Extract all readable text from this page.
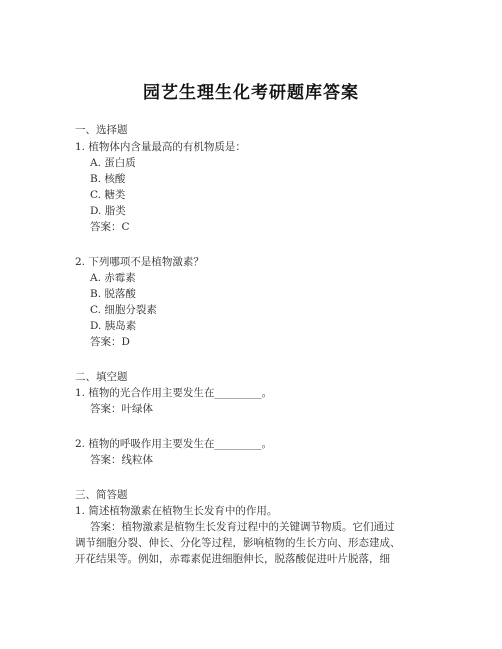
园艺生理生化考研题库答案
一、选择题
1. 植物体内含量最高的有机物质是：
A. 蛋白质
B. 核酸
C. 糖类
D. 脂类
答案：C
2. 下列哪项不是植物激素？
A. 赤霉素
B. 脱落酸
C. 细胞分裂素
D. 胰岛素
答案：D
二、填空题
1. 植物的光合作用主要发生在_________。
答案：叶绿体
2. 植物的呼吸作用主要发生在_________。
答案：线粒体
三、简答题
1. 简述植物激素在植物生长发育中的作用。
答案：植物激素是植物生长发育过程中的关键调节物质。它们通过
调节细胞分裂、伸长、分化等过程，影响植物的生长方向、形态建成、
开花结果等。例如，赤霉素促进细胞伸长，脱落酸促进叶片脱落，细
